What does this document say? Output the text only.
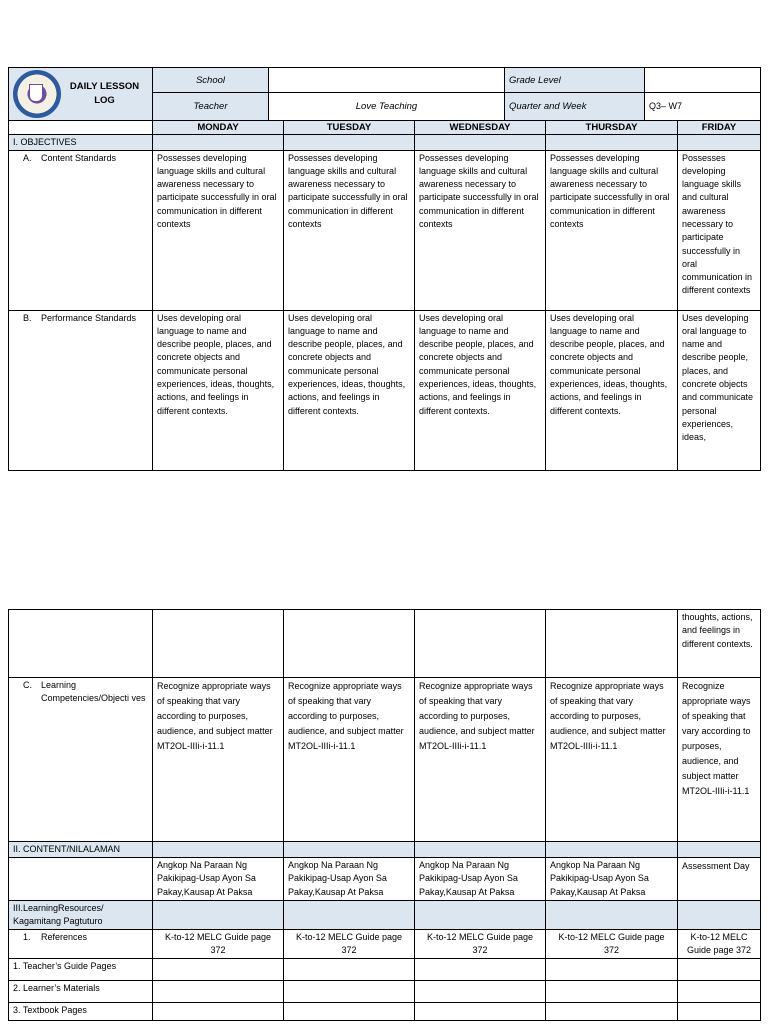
DAILY LESSON
LOG	School		Grade Level	
	Teacher	Love Teaching	Quarter and Week	Q3– W7
	MONDAY	TUESDAY	WEDNESDAY	THURSDAY	FRIDAY
I. OBJECTIVES					

A. Content Standards	Possesses developing language skills and cultural awareness necessary to participate successfully in oral communication in different contexts	Possesses developing language skills and cultural awareness necessary to participate successfully in oral communication in different contexts	Possesses developing language skills and cultural awareness necessary to participate successfully in oral communication in different contexts	Possesses developing language skills and cultural awareness necessary to participate successfully in oral communication in different contexts	Possesses developing language skills and cultural awareness necessary to participate successfully in oral communication in different contexts

B. Performance Standards	Uses developing oral language to name and describe people, places, and concrete objects and communicate personal experiences, ideas, thoughts, actions, and feelings in different contexts.	Uses developing oral language to name and describe people, places, and concrete objects and communicate personal experiences, ideas, thoughts, actions, and feelings in different contexts.	Uses developing oral language to name and describe people, places, and concrete objects and communicate personal experiences, ideas, thoughts, actions, and feelings in different contexts.	Uses developing oral language to name and describe people, places, and concrete objects and communicate personal experiences, ideas, thoughts, actions, and feelings in different contexts.	Uses developing oral language to name and describe people, places, and concrete objects and communicate personal experiences, ideas,
					thoughts, actions, and feelings in different contexts.

C. Learning Competencies/Objecti ves	Recognize appropriate ways of speaking that vary according to purposes, audience, and subject matter MT2OL-IIIi-i-11.1	Recognize appropriate ways of speaking that vary according to purposes, audience, and subject matter MT2OL-IIIi-i-11.1	Recognize appropriate ways of speaking that vary according to purposes, audience, and subject matter MT2OL-IIIi-i-11.1	Recognize appropriate ways of speaking that vary according to purposes, audience, and subject matter MT2OL-IIIi-i-11.1	Recognize appropriate ways of speaking that vary according to purposes, audience, and subject matter MT2OL-IIIi-i-11.1
II. CONTENT/NILALAMAN					
	Angkop Na Paraan Ng Pakikipag-Usap Ayon Sa Pakay,Kausap At Paksa	Angkop Na Paraan Ng Pakikipag-Usap Ayon Sa Pakay,Kausap At Paksa	Angkop Na Paraan Ng Pakikipag-Usap Ayon Sa Pakay,Kausap At Paksa	Angkop Na Paraan Ng Pakikipag-Usap Ayon Sa Pakay,Kausap At Paksa	Assessment Day

III.LearningResources/
Kagamitang Pagtuturo					

1. References	K-to-12 MELC Guide page 372	K-to-12 MELC Guide page 372	K-to-12 MELC Guide page 372	K-to-12 MELC Guide page 372	K-to-12 MELC Guide page 372
1. Teacher’s Guide Pages					
2. Learner’s Materials					
3. Textbook Pages					
